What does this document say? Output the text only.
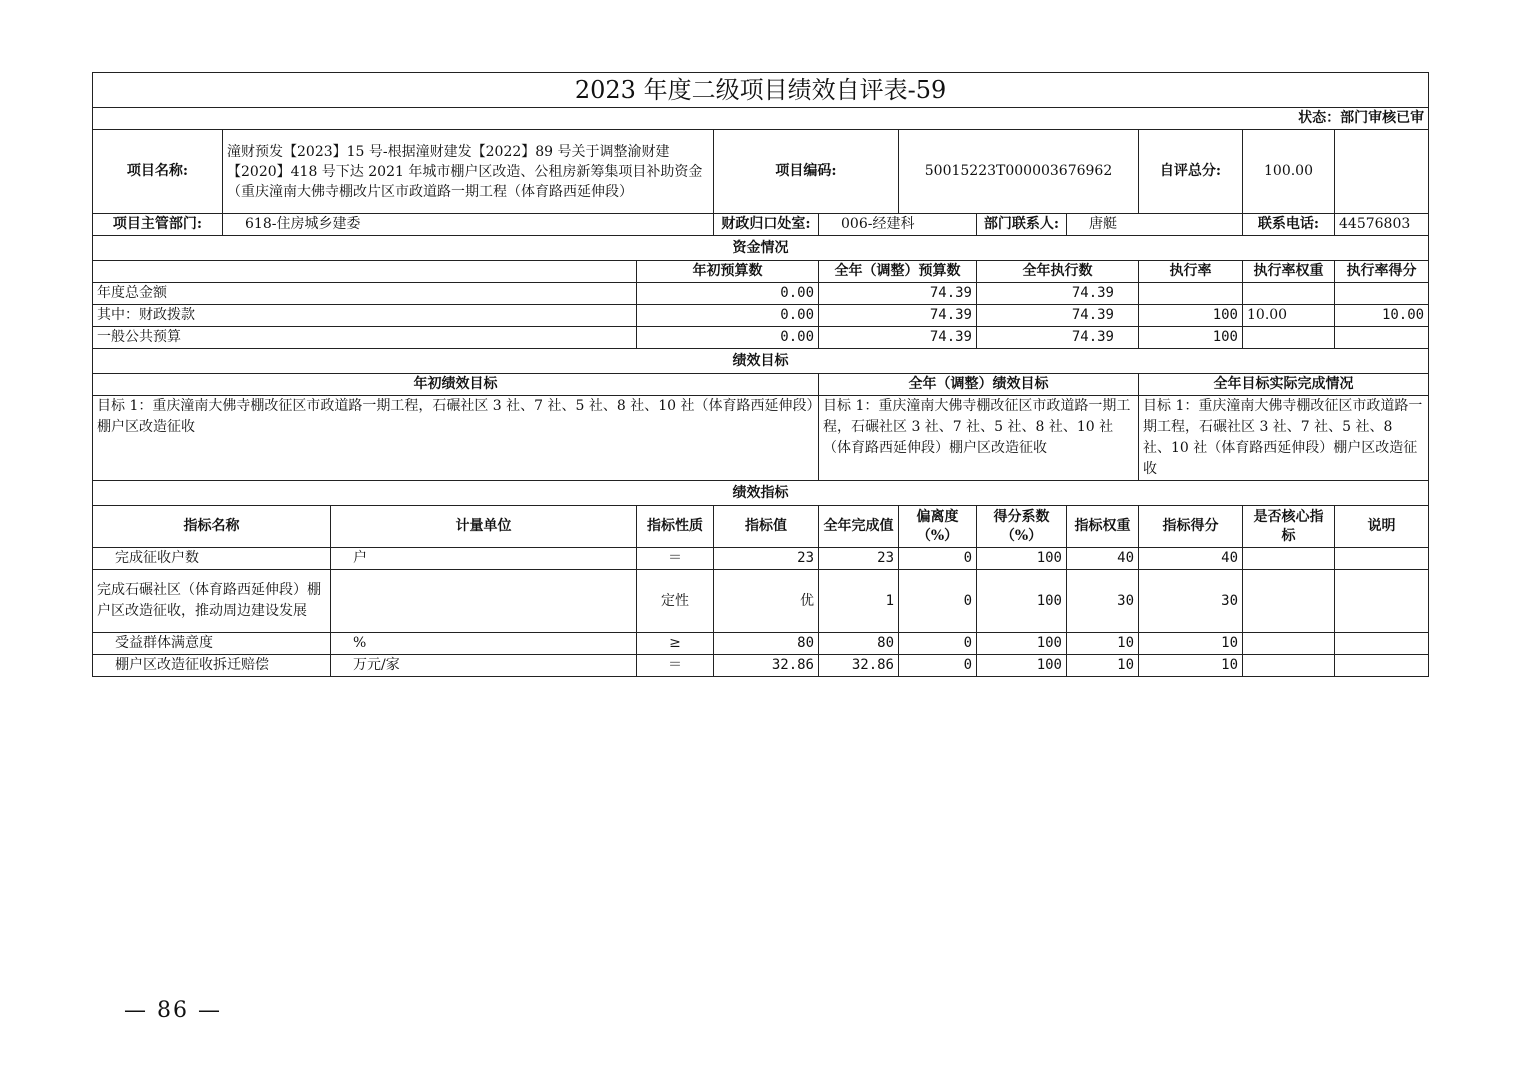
2023 年度二级项目绩效自评表-59											
状态：部门审核已审											
项目名称:	潼财预发【2023】15 号-根据潼财建发【2022】89 号关于调整渝财建【2020】418 号下达 2021 年城市棚户区改造、公租房新筹集项目补助资金（重庆潼南大佛寺棚改片区市政道路一期工程（体育路西延伸段）			项目编码:		50015223T000003676962			自评总分:	100.00	
项目主管部门:	618-住房城乡建委			财政归口处室:	006-经建科		部门联系人:	唐艇		联系电话:	44576803
资金情况											
			年初预算数		全年（调整）预算数		全年执行数		执行率	执行率权重	执行率得分
年度总金额			0.00		74.39		74.39				
其中：财政拨款			0.00		74.39		74.39		100	10.00	10.00
一般公共预算			0.00		74.39		74.39		100		
绩效目标											
年初绩效目标					全年（调整）绩效目标				全年目标实际完成情况		
目标 1：重庆潼南大佛寺棚改征区市政道路一期工程，石碾社区 3 社、7 社、5 社、8 社、10 社（体育路西延伸段）棚户区改造征收					目标 1：重庆潼南大佛寺棚改征区市政道路一期工程，石碾社区 3 社、7 社、5 社、8 社、10 社（体育路西延伸段）棚户区改造征收				目标 1：重庆潼南大佛寺棚改征区市政道路一期工程，石碾社区 3 社、7 社、5 社、8 社、10 社（体育路西延伸段）棚户区改造征收		
绩效指标											
指标名称		计量单位	指标性质	指标值	全年完成值	偏离度（%）	得分系数（%）	指标权重	指标得分	是否核心指标	说明
完成征收户数		户	＝	23	23	0	100	40	40		
完成石碾社区（体育路西延伸段）棚户区改造征收，推动周边建设发展			定性	优	1	0	100	30	30		
受益群体满意度		%	≥	80	80	0	100	10	10		
棚户区改造征收拆迁赔偿		万元/家	＝	32.86	32.86	0	100	10	10		
— 86 —
